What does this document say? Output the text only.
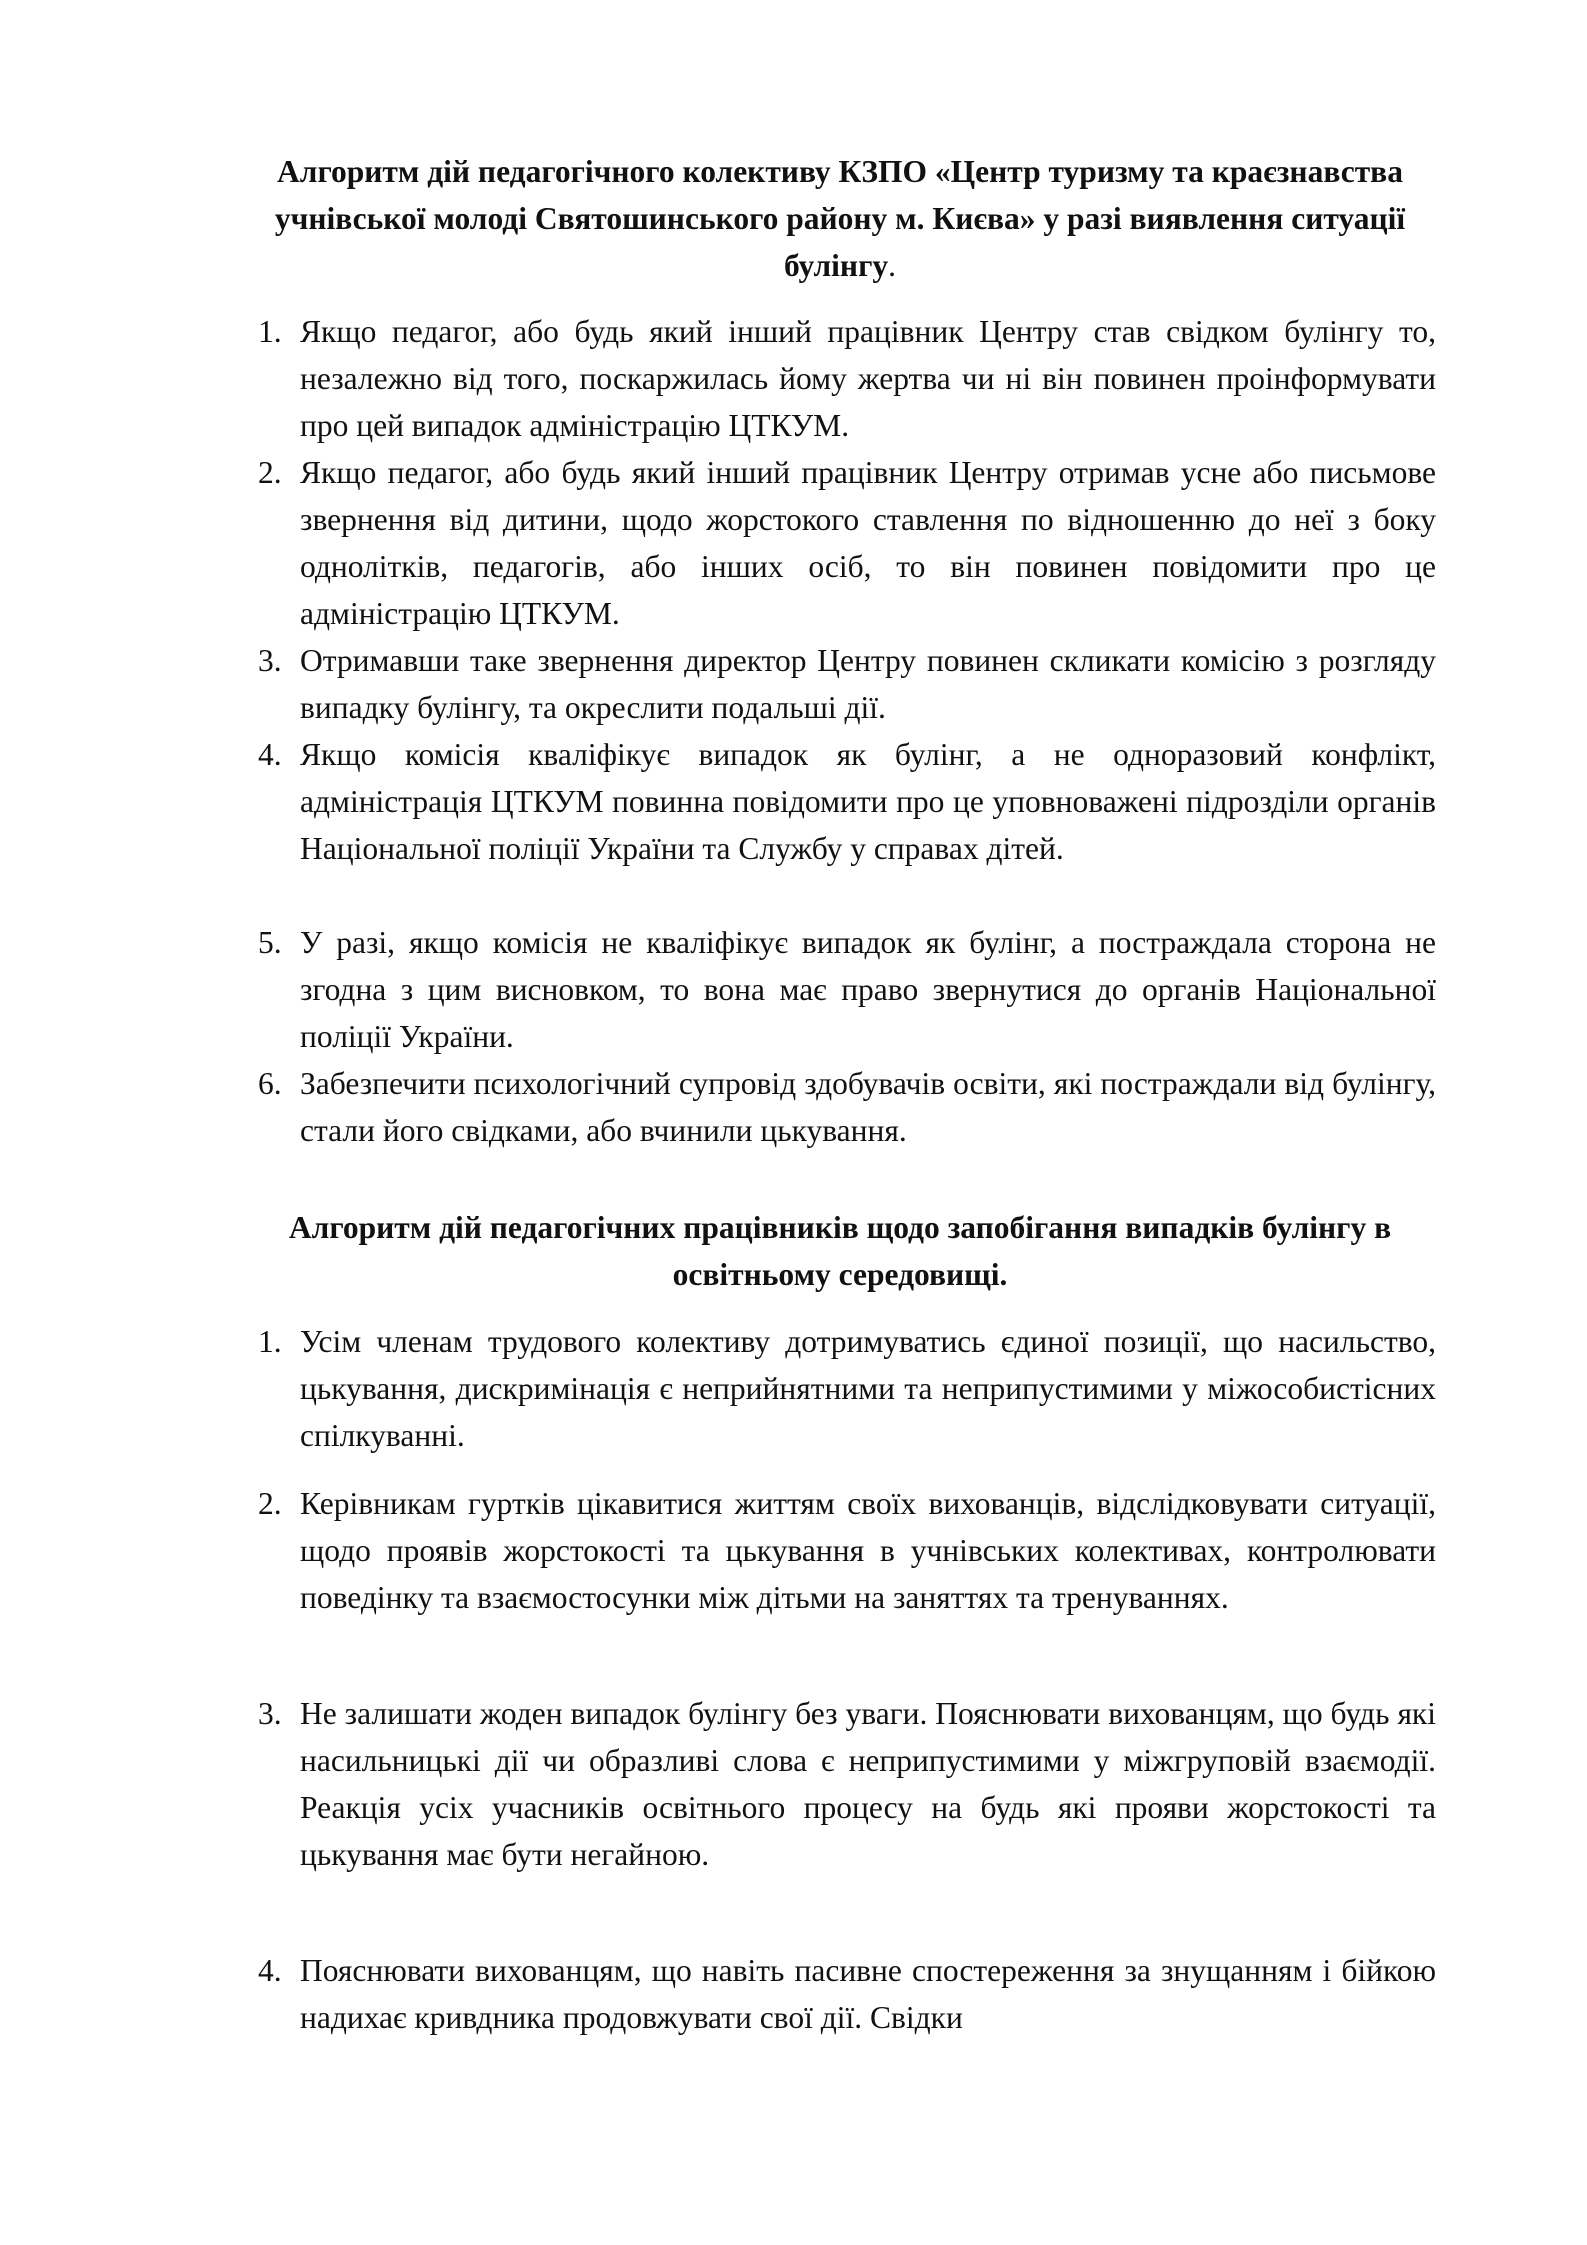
Алгоритм дій педагогічного колективу КЗПО «Центр туризму та краєзнавства учнівської молоді Святошинського району м. Києва» у разі виявлення ситуації булінгу.
1. Якщо педагог, або будь який інший працівник Центру став свідком булінгу то, незалежно від того, поскаржилась йому жертва чи ні він повинен проінформувати про цей випадок адміністрацію ЦТКУМ.
2. Якщо педагог, або будь який інший працівник Центру отримав усне або письмове звернення від дитини, щодо жорстокого ставлення по відношенню до неї з боку однолітків, педагогів, або інших осіб, то він повинен повідомити про це адміністрацію ЦТКУМ.
3. Отримавши таке звернення директор Центру повинен скликати комісію з розгляду випадку булінгу, та окреслити подальші дії.
4. Якщо комісія кваліфікує випадок як булінг, а не одноразовий конфлікт, адміністрація ЦТКУМ повинна повідомити про це уповноважені підрозділи органів Національної поліції України та Службу у справах дітей.
5. У разі, якщо комісія не кваліфікує випадок як булінг, а постраждала сторона не згодна з цим висновком, то вона має право звернутися до органів Національної поліції України.
6. Забезпечити психологічний супровід здобувачів освіти, які постраждали від булінгу, стали його свідками, або вчинили цькування.
Алгоритм дій педагогічних працівників щодо запобігання випадків булінгу в освітньому середовищі.
1. Усім членам трудового колективу дотримуватись єдиної позиції, що насильство, цькування, дискримінація є неприйнятними та неприпустимими у міжособистісних спілкуванні.
2. Керівникам гуртків цікавитися життям своїх вихованців, відслідковувати ситуації, щодо проявів жорстокості та цькування в учнівських колективах, контролювати поведінку та взаємостосунки між дітьми на заняттях та тренуваннях.
3. Не залишати жоден випадок булінгу без уваги. Пояснювати вихованцям, що будь які насильницькі дії чи образливі слова є неприпустимими у міжгруповій взаємодії. Реакція усіх учасників освітнього процесу на будь які прояви жорстокості та цькування має бути негайною.
4. Пояснювати вихованцям, що навіть пасивне спостереження за знущанням і бійкою надихає кривдника продовжувати свої дії. Свідки
